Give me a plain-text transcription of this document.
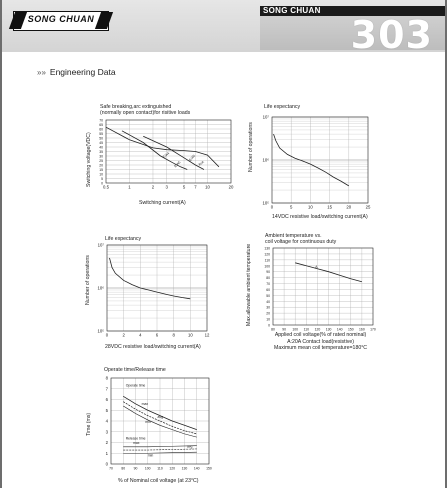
SONG CHUAN
SONG CHUAN
303
»» Engineering Data
Safe breaking,arc extinguished
(normally open contact)for risitive loads
0
5
10
15
20
25
30
35
40
45
50
55
60
65
70
0.5	1	2	3	5 7 10	20
E/A6
E/A5
E/A4
R/A
Switching voltage(VDC)
Switching current(A)
Life expectancy
10⁵
10⁶
10⁷
0	5	10	15	20	25
Number of operations
14VDC resistive load/switching current(A)
Life expectancy
10⁵
10⁶
10⁷
0	2	4	6	8	10	12
Number of operations
28VDC resistive load/switching current(A)
Ambient temperature vs.
coil voltage for continuous duty
0
10
20
30
40
50
60
70
80
90
100
110
120
130
80 90 100 110 120 130 140 150 160 170
A
Max.allowable ambient temperature
Applied coil voltage(% of rated nominal)
A:20A Contact load(resistive)
Maximum mean coil temperature=180°C
Operate time/Release time
0
1
2
3
4
5
6
7
8
70 80 90 100 110 120 130 140 150
Operate time
Release time
max
avg
min
max
avg
min
Time (ms)
% of Nominal coil voltage (at 23°C)
